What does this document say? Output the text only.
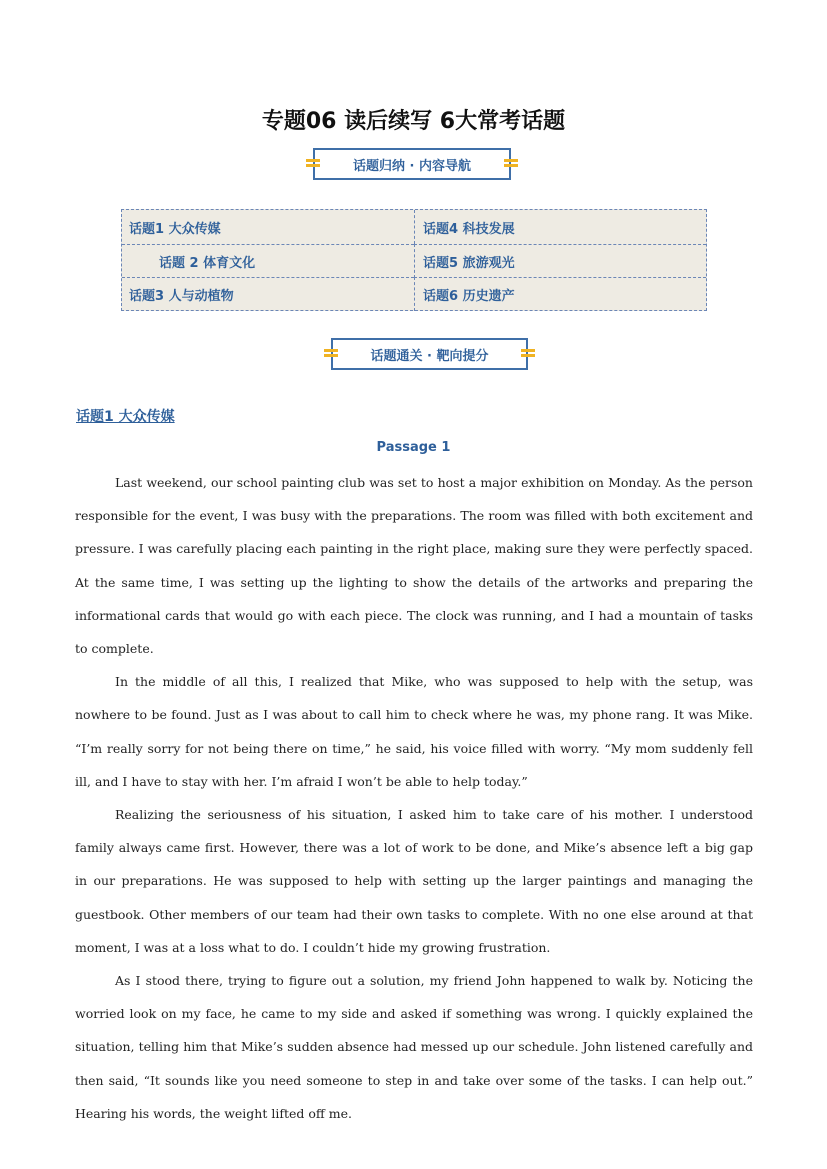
专题06 读后续写 6大常考话题
话题归纳 · 内容导航
话题1 大众传媒	话题4 科技发展
话题 2 体育文化	话题5 旅游观光
话题3 人与动植物	话题6 历史遗产
话题通关 · 靶向提分
话题1 大众传媒
Passage 1

Last weekend, our school painting club was set to host a major exhibition on Monday. As the person responsible for the event, I was busy with the preparations. The room was filled with both excitement and pressure. I was carefully placing each painting in the right place, making sure they were perfectly spaced. At the same time, I was setting up the lighting to show the details of the artworks and preparing the informational cards that would go with each piece. The clock was running, and I had a mountain of tasks to complete.

In the middle of all this, I realized that Mike, who was supposed to help with the setup, was nowhere to be found. Just as I was about to call him to check where he was, my phone rang. It was Mike. “I’m really sorry for not being there on time,” he said, his voice filled with worry. “My mom suddenly fell ill, and I have to stay with her. I’m afraid I won’t be able to help today.”

Realizing the seriousness of his situation, I asked him to take care of his mother. I understood family always came first. However, there was a lot of work to be done, and Mike’s absence left a big gap in our preparations. He was supposed to help with setting up the larger paintings and managing the guestbook. Other members of our team had their own tasks to complete. With no one else around at that moment, I was at a loss what to do. I couldn’t hide my growing frustration.

As I stood there, trying to figure out a solution, my friend John happened to walk by. Noticing the worried look on my face, he came to my side and asked if something was wrong. I quickly explained the situation, telling him that Mike’s sudden absence had messed up our schedule. John listened carefully and then said, “It sounds like you need someone to step in and take over some of the tasks. I can help out.” Hearing his words, the weight lifted off me.
